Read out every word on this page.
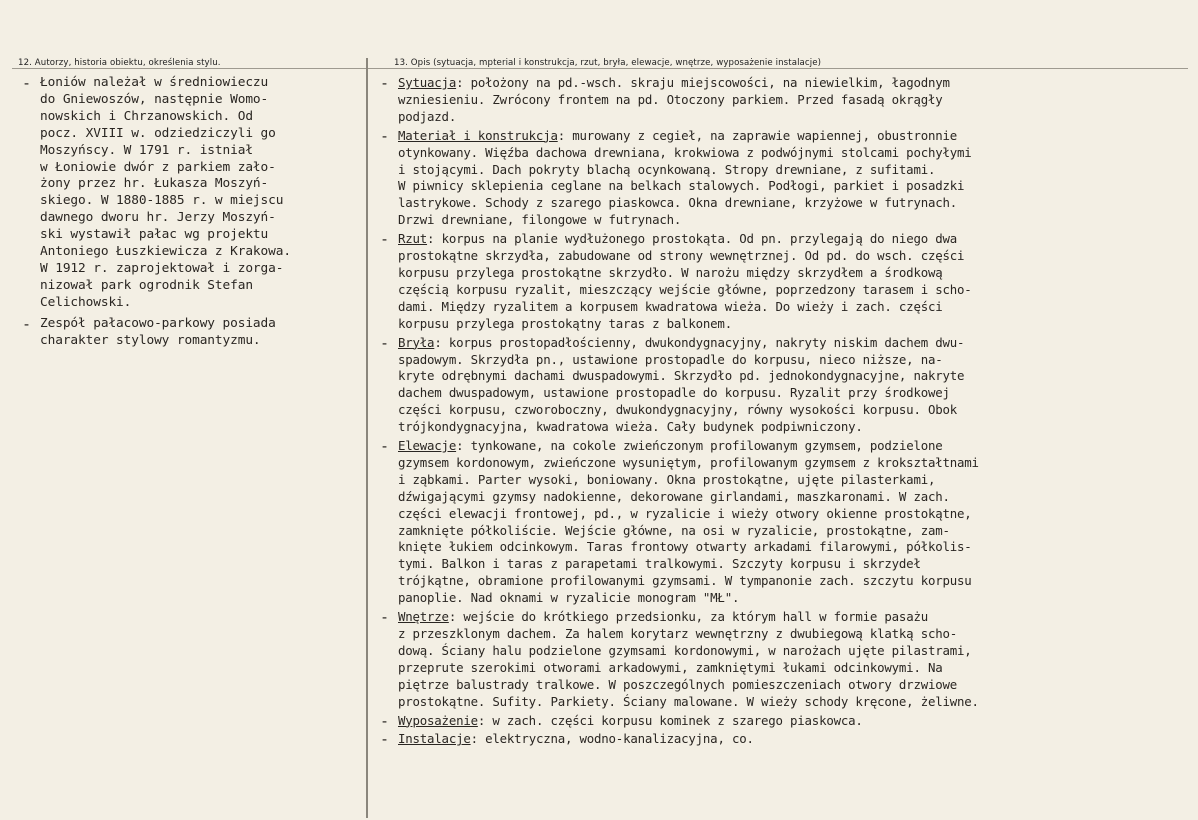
12. Autorzy, historia obiektu, określenia stylu.	13. Opis (sytuacja, mpterial i konstrukcja, rzut, bryła, elewacje, wnętrze, wyposażenie instalacje)
- Łoniów należał w średniowieczu
do Gniewoszów, następnie Womo-
nowskich i Chrzanowskich. Od
pocz. XVIII w. odziedziczyli go
Moszyńscy. W 1791 r. istniał
w Łoniowie dwór z parkiem zało-
żony przez hr. Łukasza Moszyń-
skiego. W 1880-1885 r. w miejscu
dawnego dworu hr. Jerzy Moszyń-
ski wystawił pałac wg projektu
Antoniego Łuszkiewicza z Krakowa.
W 1912 r. zaprojektował i zorga-
nizował park ogrodnik Stefan
Celichowski.
- Zespół pałacowo-parkowy posiada
charakter stylowy romantyzmu.
- Sytuacja: położony na pd.-wsch. skraju miejscowości, na niewielkim, łagodnym
wzniesieniu. Zwrócony frontem na pd. Otoczony parkiem. Przed fasadą okrągły
podjazd.
- Materiał i konstrukcja: murowany z cegieł, na zaprawie wapiennej, obustronnie
otynkowany. Więźba dachowa drewniana, krokwiowa z podwójnymi stolcami pochyłymi
i stojącymi. Dach pokryty blachą ocynkowaną. Stropy drewniane, z sufitami.
W piwnicy sklepienia ceglane na belkach stalowych. Podłogi, parkiet i posadzki
lastrykowe. Schody z szarego piaskowca. Okna drewniane, krzyżowe w futrynach.
Drzwi drewniane, filongowe w futrynach.
- Rzut: korpus na planie wydłużonego prostokąta. Od pn. przylegają do niego dwa
prostokątne skrzydła, zabudowane od strony wewnętrznej. Od pd. do wsch. części
korpusu przylega prostokątne skrzydło. W narożu między skrzydłem a środkową
częścią korpusu ryzalit, mieszczący wejście główne, poprzedzony tarasem i scho-
dami. Między ryzalitem a korpusem kwadratowa wieża. Do wieży i zach. części
korpusu przylega prostokątny taras z balkonem.
- Bryła: korpus prostopadłościenny, dwukondygnacyjny, nakryty niskim dachem dwu-
spadowym. Skrzydła pn., ustawione prostopadle do korpusu, nieco niższe, na-
kryte odrębnymi dachami dwuspadowymi. Skrzydło pd. jednokondygnacyjne, nakryte
dachem dwuspadowym, ustawione prostopadle do korpusu. Ryzalit przy środkowej
części korpusu, czworoboczny, dwukondygnacyjny, równy wysokości korpusu. Obok
trójkondygnacyjna, kwadratowa wieża. Cały budynek podpiwniczony.
- Elewacje: tynkowane, na cokole zwieńczonym profilowanym gzymsem, podzielone
gzymsem kordonowym, zwieńczone wysuniętym, profilowanym gzymsem z krokształtnami
i ząbkami. Parter wysoki, boniowany. Okna prostokątne, ujęte pilasterkami,
dźwigającymi gzymsy nadokienne, dekorowane girlandami, maszkaronami. W zach.
części elewacji frontowej, pd., w ryzalicie i wieży otwory okienne prostokątne,
zamknięte półkoliście. Wejście główne, na osi w ryzalicie, prostokątne, zam-
knięte łukiem odcinkowym. Taras frontowy otwarty arkadami filarowymi, półkolis-
tymi. Balkon i taras z parapetami tralkowymi. Szczyty korpusu i skrzydeł
trójkątne, obramione profilowanymi gzymsami. W tympanonie zach. szczytu korpusu
panoplie. Nad oknami w ryzalicie monogram "MŁ".
- Wnętrze: wejście do krótkiego przedsionku, za którym hall w formie pasażu
z przeszklonym dachem. Za halem korytarz wewnętrzny z dwubiegową klatką scho-
dową. Ściany halu podzielone gzymsami kordonowymi, w narożach ujęte pilastrami,
przeprute szerokimi otworami arkadowymi, zamkniętymi łukami odcinkowymi. Na
piętrze balustrady tralkowe. W poszczególnych pomieszczeniach otwory drzwiowe
prostokątne. Sufity. Parkiety. Ściany malowane. W wieży schody kręcone, żeliwne.
- Wyposażenie: w zach. części korpusu kominek z szarego piaskowca.
- Instalacje: elektryczna, wodno-kanalizacyjna, co.
